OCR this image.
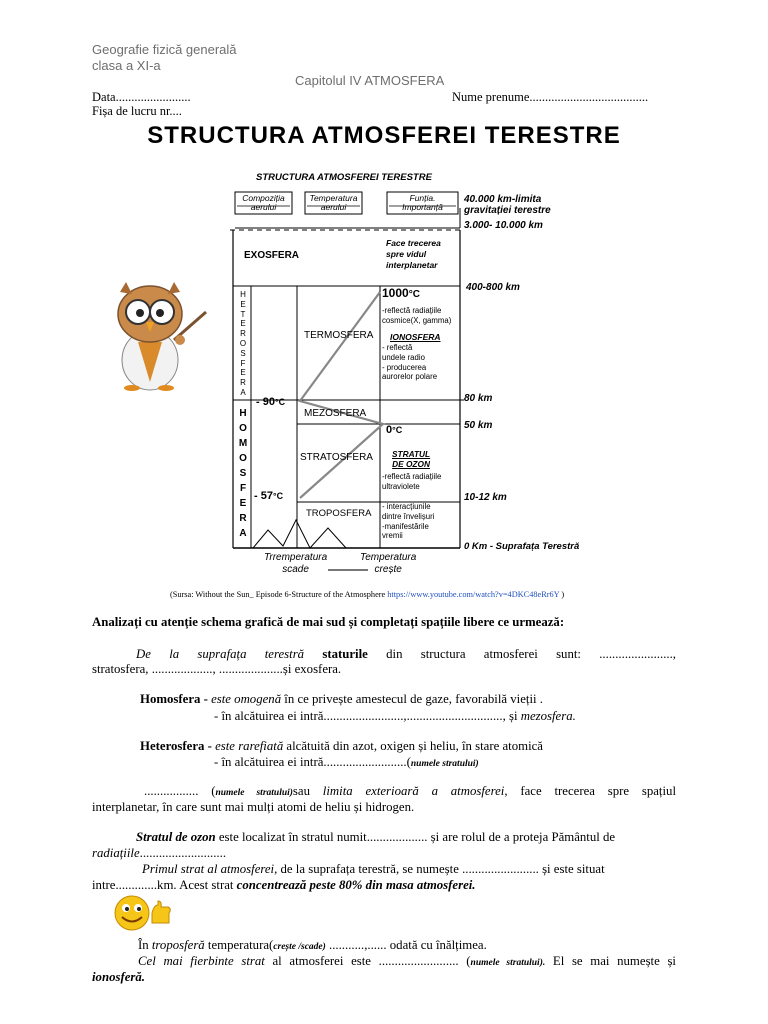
Geografie fizică generală
clasa a XI-a
Capitolul IV ATMOSFERA
Data........................	Nume prenume......................................
Fișa de lucru nr....
STRUCTURA ATMOSFEREI TERESTRE
STRUCTURA ATMOSFEREI TERESTRE
Compoziția
aerului
Temperatura
aerului
Funția.
Importanță
40.000 km-limita
gravitației terestre
3.000- 10.000 km
EXOSFERA
Face trecerea
spre vidul
interplanetar
400-800 km
H
E
T
E
R
O
S
F
E
R
A
H
O
M
O
S
F
E
R
A
TERMOSFERA
1000°C
-reflectă radiațiile
cosmice(X, gamma)
IONOSFERA
- reflectă
undele radio
- producerea
aurorelor polare
80 km
- 90°C
MEZOSFERA
0°C	50 km
STRATOSFERA STRATUL
DE OZON
-reflectă radiațiile
ultraviolete
- 57°C	10-12 km
TROPOSFERA
- interacțiunile
dintre învelișuri
-manifestările
vremii
0 Km - Suprafața Terestră
Trremperatura
scade
Temperatura
crește
(Sursa: Without the Sun_ Episode 6-Structure of the Atmosphere https://www.youtube.com/watch?v=4DKC48eRr6Y )
Analizați cu atenție schema grafică de mai sud și completați spațiile libere ce urmează:
De la suprafața terestră staturile din structura atmosferei sunt: .......................,
stratosfera, ..................., ....................și exosfera.
Homosfera - este omogenă în ce privește amestecul de gaze, favorabilă vieții .
- în alcătuirea ei intră.........................,.............................., și mezosfera.
Heterosfera - este rarefiată alcătuită din azot, oxigen și heliu, în stare atomică
- în alcătuirea ei intră..........................(numele stratului)
................. (numele stratului)sau limita exterioară a atmosferei, face trecerea spre spațiul
interplanetar, în care sunt mai mulți atomi de heliu și hidrogen.
Stratul de ozon este localizat în stratul numit................... și are rolul de a proteja Pământul de
radiațiile...........................
Primul strat al atmosferei, de la suprafața terestră, se numește ........................ și este situat
intre.............km. Acest strat concentrează peste 80% din masa atmosferei.
În troposferă temperatura(crește /scade) ...........,...... odată cu înălțimea.
Cel mai fierbinte strat al atmosferei este ......................... (numele stratului). El se mai numește și
ionosferă.
